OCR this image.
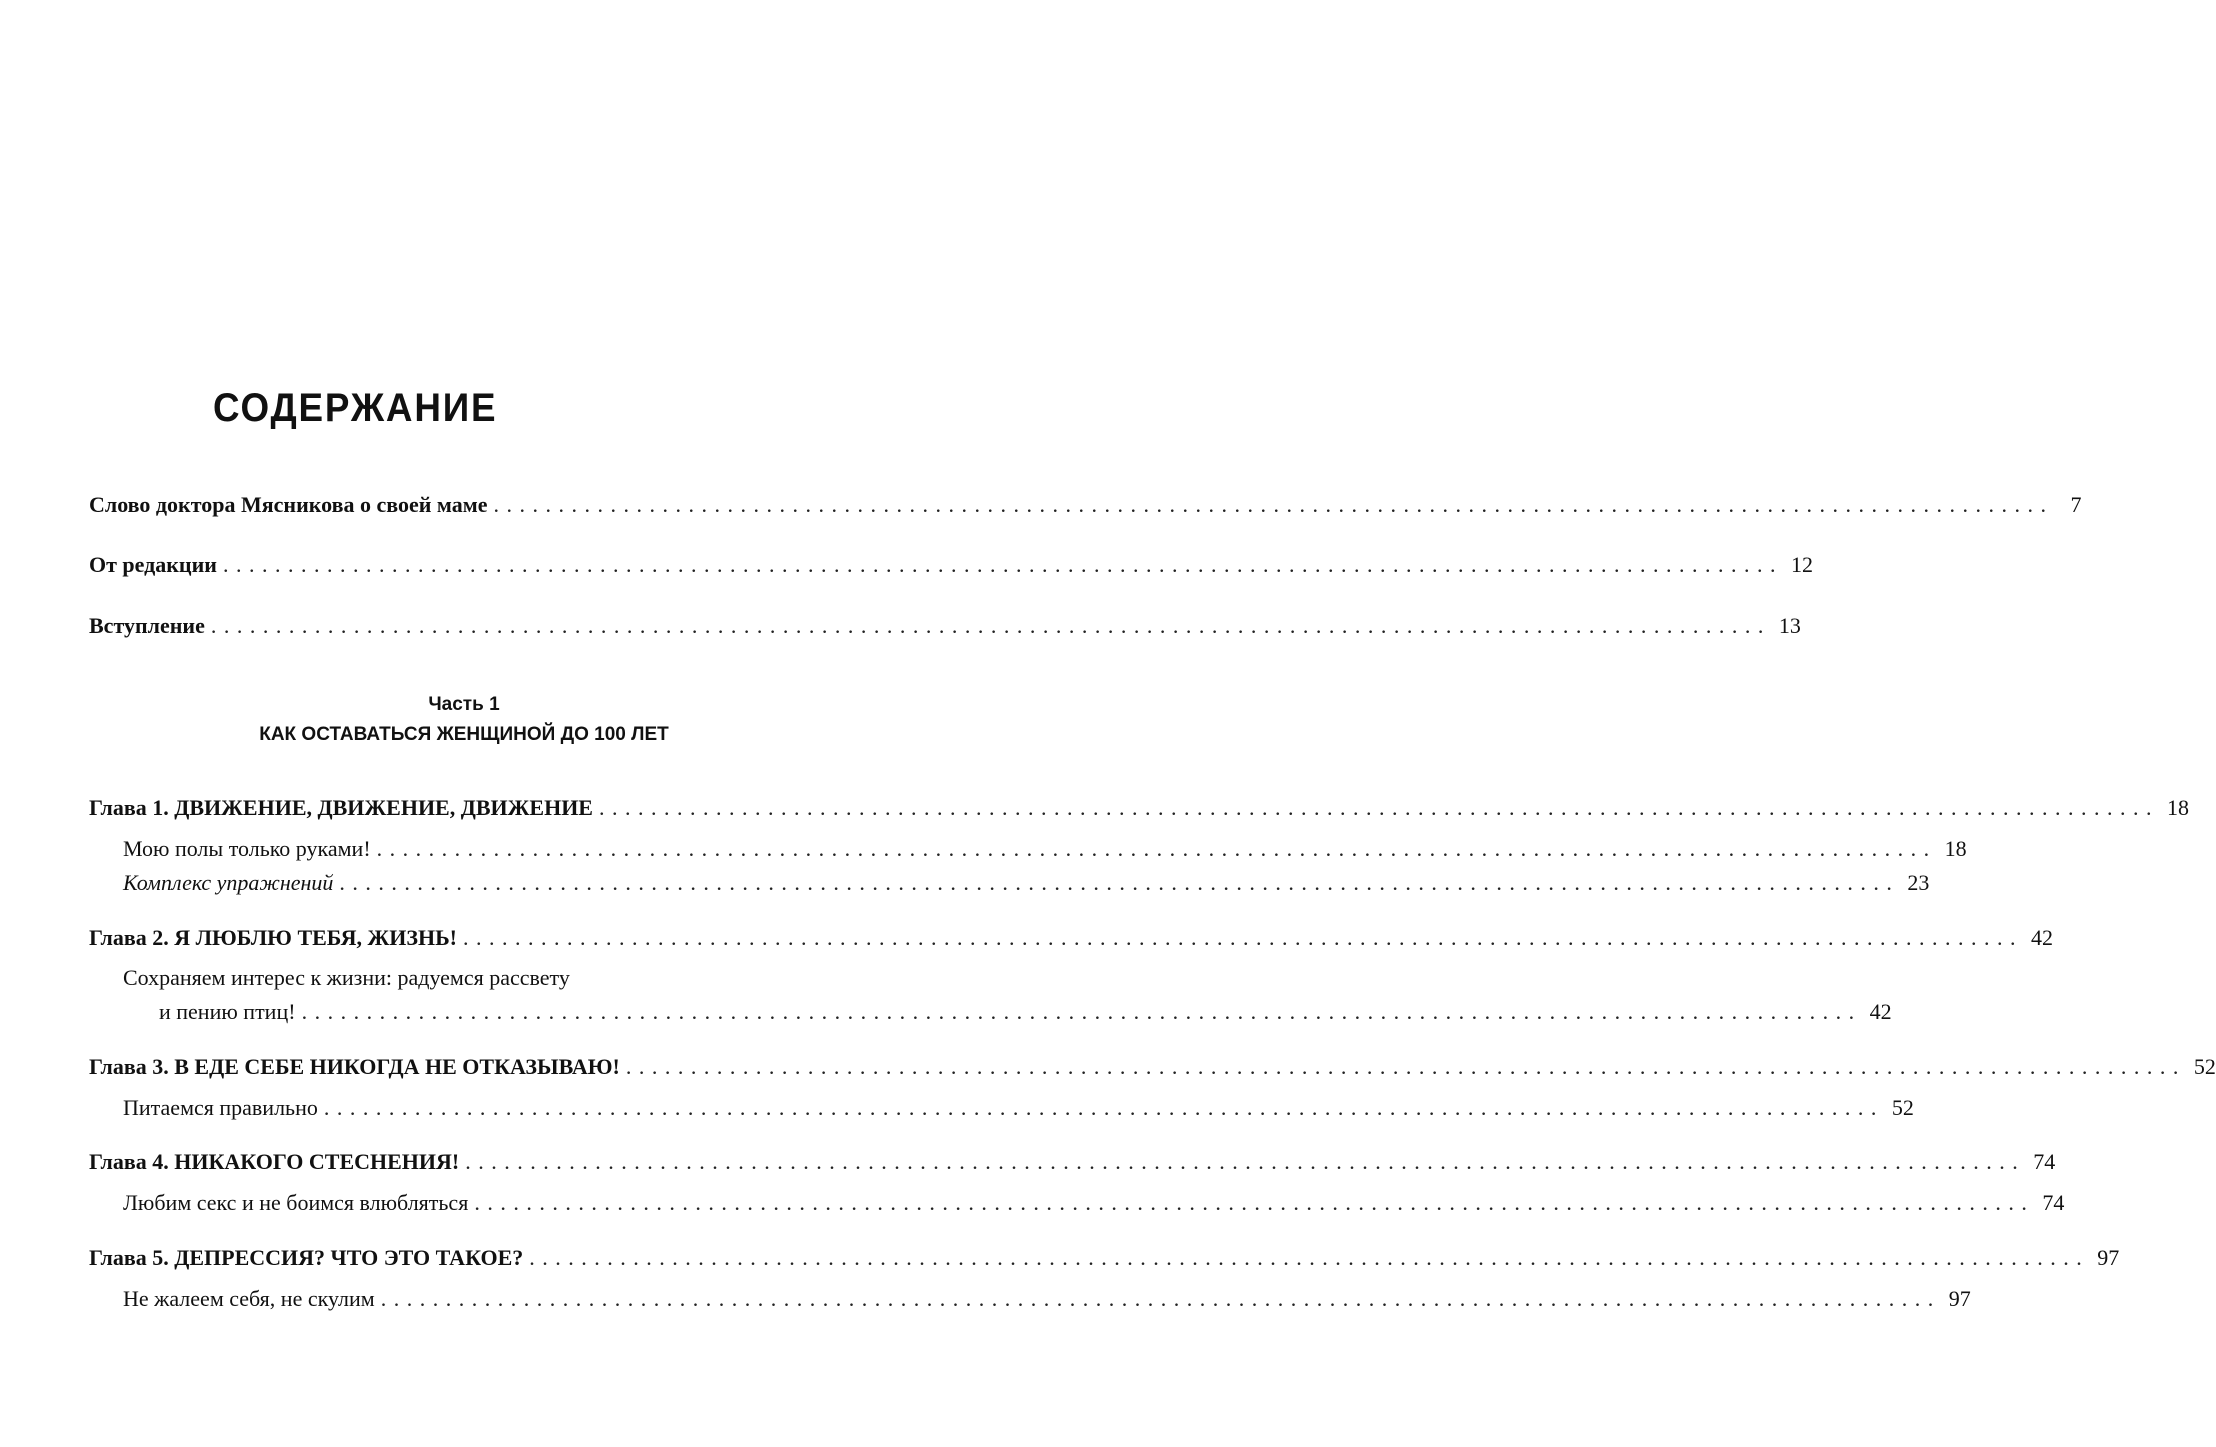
СОДЕРЖАНИЕ
Слово доктора Мясникова о своей маме ........................................................................................................................ 7
От редакции ........................................................................................................................ 12
Вступление ........................................................................................................................ 13
Часть 1
КАК ОСТАВАТЬСЯ ЖЕНЩИНОЙ ДО 100 ЛЕТ
Глава 1. ДВИЖЕНИЕ, ДВИЖЕНИЕ, ДВИЖЕНИЕ ........................................................................................................................ 18
Мою полы только руками! ........................................................................................................................ 18
Комплекс упражнений ........................................................................................................................ 23
Глава 2. Я ЛЮБЛЮ ТЕБЯ, ЖИЗНЬ! ........................................................................................................................ 42
Сохраняем интерес к жизни: радуемся рассвету
и пению птиц! ........................................................................................................................ 42
Глава 3. В ЕДЕ СЕБЕ НИКОГДА НЕ ОТКАЗЫВАЮ! ........................................................................................................................ 52
Питаемся правильно ........................................................................................................................ 52
Глава 4. НИКАКОГО СТЕСНЕНИЯ! ........................................................................................................................ 74
Любим секс и не боимся влюбляться ........................................................................................................................ 74
Глава 5. ДЕПРЕССИЯ? ЧТО ЭТО ТАКОЕ? ........................................................................................................................ 97
Не жалеем себя, не скулим ........................................................................................................................ 97
